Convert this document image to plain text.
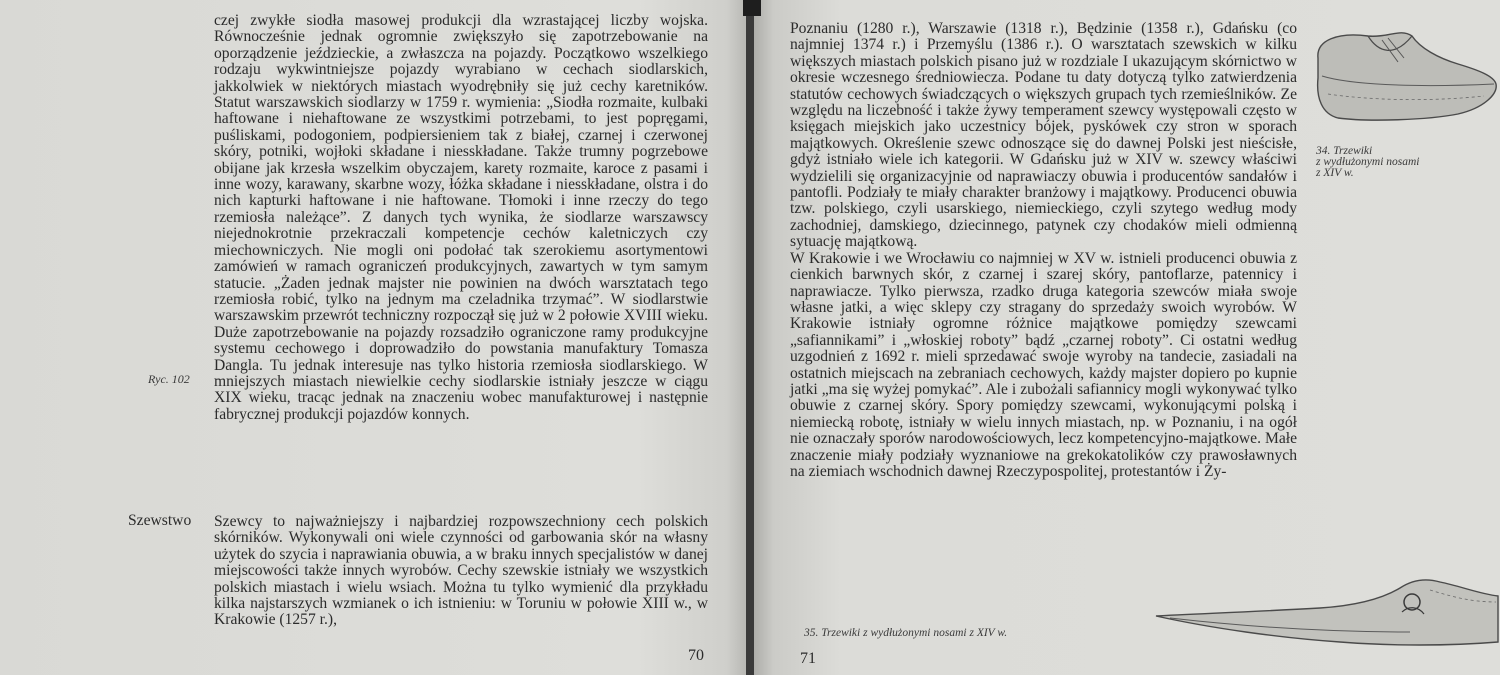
czej zwykłe siodła masowej produkcji dla wzrastającej liczby wojska. Równocześnie jednak ogromnie zwiększyło się zapotrzebowanie na oporządzenie jeździeckie, a zwłaszcza na pojazdy. Początkowo wszelkiego rodzaju wykwintniejsze pojazdy wyrabiano w cechach siodlarskich, jakkolwiek w niektórych miastach wyodrębniły się już cechy karetników. Statut warszawskich siodlarzy w 1759 r. wymienia: „Siodła rozmaite, kulbaki haftowane i niehaftowane ze wszystkimi potrzebami, to jest popręgami, puśliskami, podogoniem, podpiersieniem tak z białej, czarnej i czerwonej skóry, potniki, wojłoki składane i niesskładane. Także trumny pogrzebowe obijane jak krzesła wszelkim obyczajem, karety rozmaite, karoce z pasami i inne wozy, karawany, skarbne wozy, łóżka składane i niesskładane, olstra i do nich kapturki haftowane i nie haftowane. Tłomoki i inne rzeczy do tego rzemiosła należące”. Z danych tych wynika, że siodlarze warszawscy niejednokrotnie przekraczali kompetencje cechów kaletniczych czy miechowniczych. Nie mogli oni podołać tak szerokiemu asortymentowi zamówień w ramach ograniczeń produkcyjnych, zawartych w tym samym statucie. „Żaden jednak majster nie powinien na dwóch warsztatach tego rzemiosła robić, tylko na jednym ma czeladnika trzymać”. W siodlarstwie warszawskim przewrót techniczny rozpoczął się już w 2 połowie XVIII wieku. Duże zapotrzebowanie na pojazdy rozsadziło ograniczone ramy produkcyjne systemu cechowego i doprowadziło do powstania manufaktury Tomasza Dangla. Tu jednak interesuje nas tylko historia rzemiosła siodlarskiego. W mniejszych miastach niewielkie cechy siodlarskie istniały jeszcze w ciągu XIX wieku, tracąc jednak na znaczeniu wobec manufakturowej i następnie fabrycznej produkcji pojazdów konnych.

Ryc. 102
Szewstwo Szewcy to najważniejszy i najbardziej rozpowszechniony cech polskich skórników. Wykonywali oni wiele czynności od garbowania skór na własny użytek do szycia i naprawiania obuwia, a w braku innych specjalistów w danej miejscowości także innych wyrobów. Cechy szewskie istniały we wszystkich polskich miastach i wielu wsiach. Można tu tylko wymienić dla przykładu kilka najstarszych wzmianek o ich istnieniu: w Toruniu w połowie XIII w., w Krakowie (1257 r.),

70

Poznaniu (1280 r.), Warszawie (1318 r.), Będzinie (1358 r.), Gdańsku (co najmniej 1374 r.) i Przemyślu (1386 r.). O warsztatach szewskich w kilku większych miastach polskich pisano już w rozdziale I ukazującym skórnictwo w okresie wczesnego średniowiecza. Podane tu daty dotyczą tylko zatwierdzenia statutów cechowych świadczących o większych grupach tych rzemieślników. Ze względu na liczebność i także żywy temperament szewcy występowali często w księgach miejskich jako uczestnicy bójek, pyskówek czy stron w sporach majątkowych. Określenie szewc odnoszące się do dawnej Polski jest nieścisłe, gdyż istniało wiele ich kategorii. W Gdańsku już w XIV w. szewcy właściwi wydzielili się organizacyjnie od naprawiaczy obuwia i producentów sandałów i pantofli. Podziały te miały charakter branżowy i majątkowy. Producenci obuwia tzw. polskiego, czyli usarskiego, niemieckiego, czyli szytego według mody zachodniej, damskiego, dziecinnego, patynek czy chodaków mieli odmienną sytuację majątkową.

W Krakowie i we Wrocławiu co najmniej w XV w. istnieli producenci obuwia z cienkich barwnych skór, z czarnej i szarej skóry, pantoflarze, patennicy i naprawiacze. Tylko pierwsza, rzadko druga kategoria szewców miała swoje własne jatki, a więc sklepy czy stragany do sprzedaży swoich wyrobów. W Krakowie istniały ogromne różnice majątkowe pomiędzy szewcami „safiannikami” i „włoskiej roboty” bądź „czarnej roboty”. Ci ostatni według uzgodnień z 1692 r. mieli sprzedawać swoje wyroby na tandecie, zasiadali na ostatnich miejscach na zebraniach cechowych, każdy majster dopiero po kupnie jatki „ma się wyżej pomykać”. Ale i zubożali safiannicy mogli wykonywać tylko obuwie z czarnej skóry. Spory pomiędzy szewcami, wykonującymi polską i niemiecką robotę, istniały w wielu innych miastach, np. w Poznaniu, i na ogół nie oznaczały sporów narodowościowych, lecz kompetencyjno-majątkowe. Małe znaczenie miały podziały wyznaniowe na grekokatolików czy prawosławnych na ziemiach wschodnich dawnej Rzeczypospolitej, protestantów i Ży-

34. Trzewiki
z wydłużonymi nosami
z XIV w.
35. Trzewiki z wydłużonymi nosami z XIV w.
71
